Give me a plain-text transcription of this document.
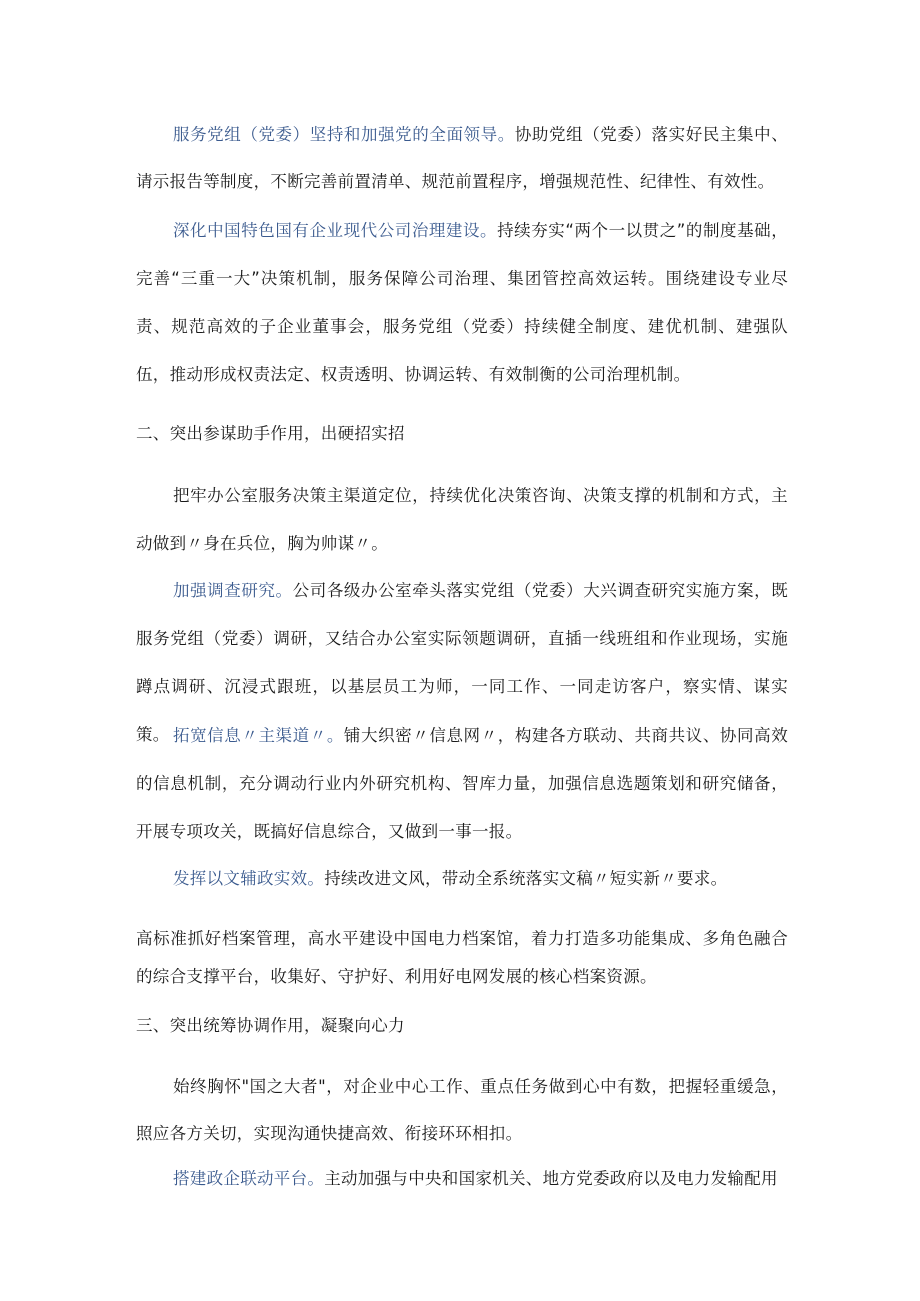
服务党组（党委）坚持和加强党的全面领导。协助党组（党委）落实好民主集中、请示报告等制度，不断完善前置清单、规范前置程序，增强规范性、纪律性、有效性。

深化中国特色国有企业现代公司治理建设。持续夯实“两个一以贯之”的制度基础，完善“三重一大”决策机制，服务保障公司治理、集团管控高效运转。围绕建设专业尽责、规范高效的子企业董事会，服务党组（党委）持续健全制度、建优机制、建强队伍，推动形成权责法定、权责透明、协调运转、有效制衡的公司治理机制。

二、突出参谋助手作用，出硬招实招

把牢办公室服务决策主渠道定位，持续优化决策咨询、决策支撑的机制和方式，主动做到〃身在兵位，胸为帅谋〃。

加强调查研究。公司各级办公室牵头落实党组（党委）大兴调查研究实施方案，既服务党组（党委）调研，又结合办公室实际领题调研，直插一线班组和作业现场，实施蹲点调研、沉浸式跟班，以基层员工为师，一同工作、一同走访客户，察实情、谋实策。 拓宽信息〃主渠道〃。铺大织密〃信息网〃，构建各方联动、共商共议、协同高效的信息机制，充分调动行业内外研究机构、智库力量，加强信息选题策划和研究储备，开展专项攻关，既搞好信息综合，又做到一事一报。

发挥以文辅政实效。持续改进文风，带动全系统落实文稿〃短实新〃要求。

高标准抓好档案管理，高水平建设中国电力档案馆，着力打造多功能集成、多角色融合的综合支撑平台，收集好、守护好、利用好电网发展的核心档案资源。

三、突出统筹协调作用，凝聚向心力

始终胸怀"国之大者"，对企业中心工作、重点任务做到心中有数，把握轻重缓急，照应各方关切，实现沟通快捷高效、衔接环环相扣。

搭建政企联动平台。主动加强与中央和国家机关、地方党委政府以及电力发输配用
